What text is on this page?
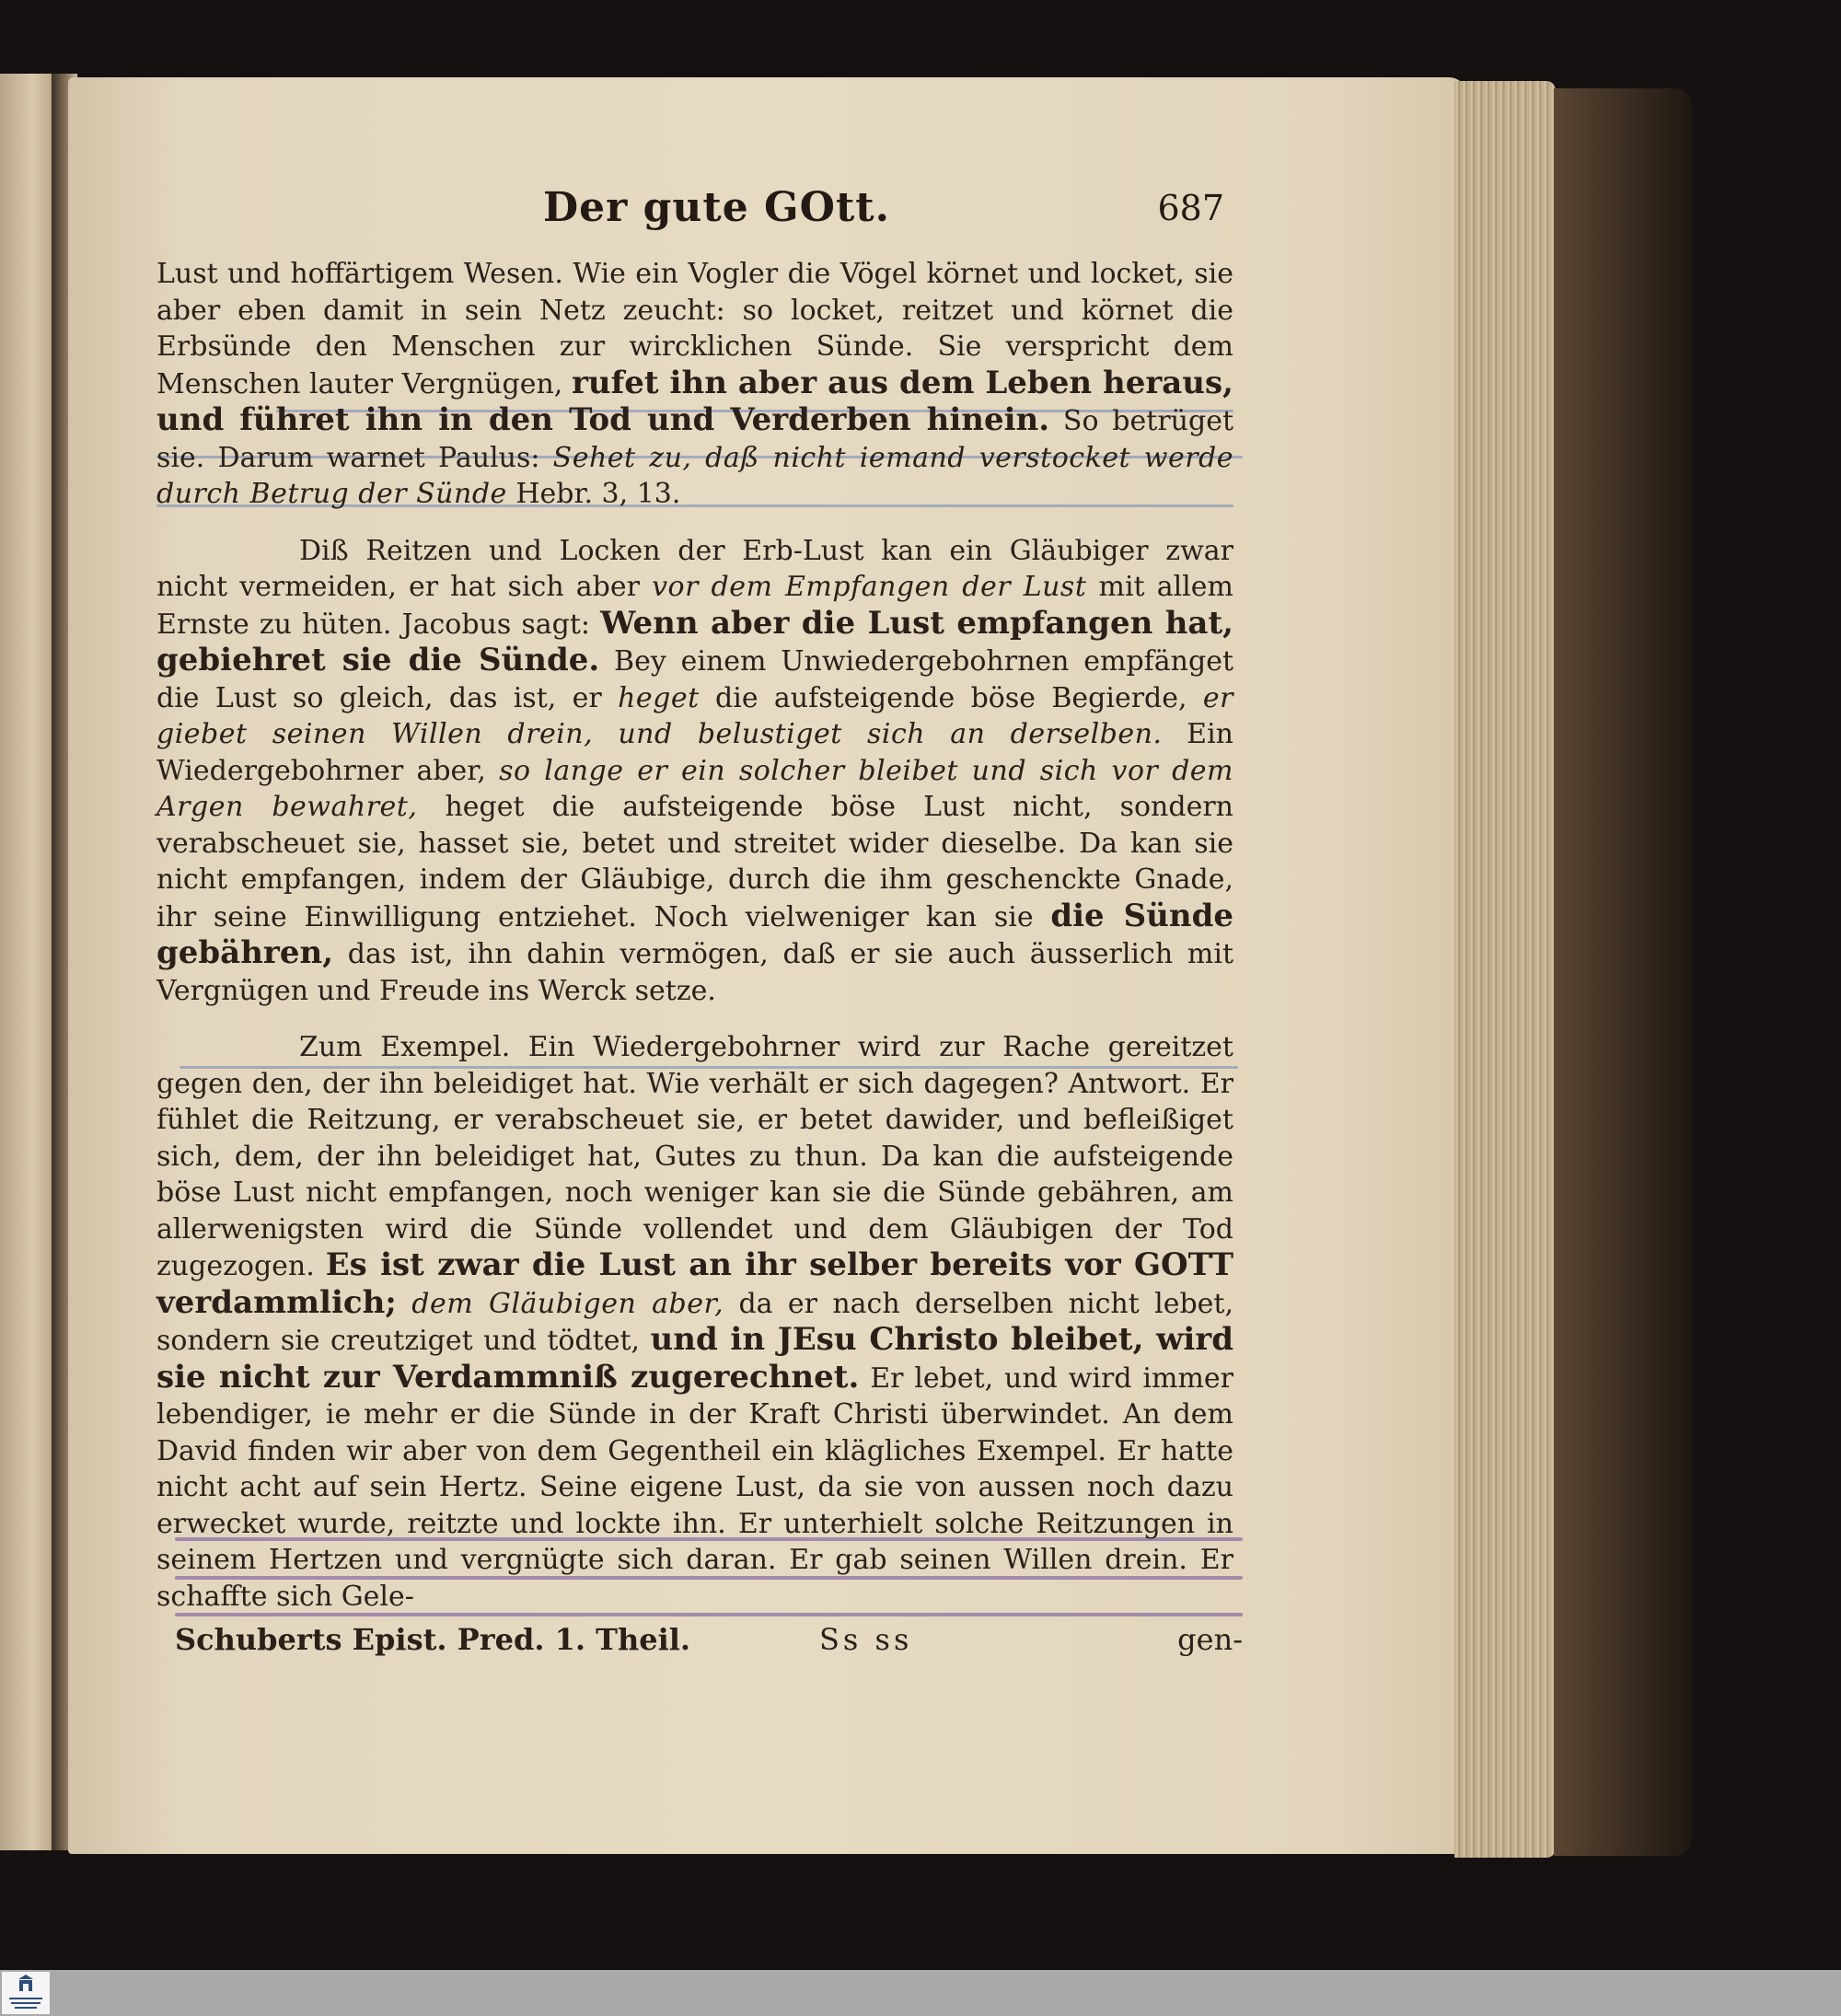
Der gute GOtt.	687

Lust und hoffärtigem Wesen. Wie ein Vogler die Vögel körnet und locket, sie aber eben damit in sein Netz zeucht: so locket, reitzet und körnet die Erbsünde den Menschen zur wircklichen Sünde. Sie verspricht dem Menschen lauter Vergnügen, rufet ihn aber aus dem Leben heraus, und führet ihn in den Tod und Verderben hinein. So betrüget sie. Darum warnet Paulus: Sehet zu, daß nicht iemand verstocket werde durch Betrug der Sünde Hebr. 3, 13.

Diß Reitzen und Locken der Erb-Lust kan ein Gläubiger zwar nicht vermeiden, er hat sich aber vor dem Empfangen der Lust mit allem Ernste zu hüten. Jacobus sagt: Wenn aber die Lust empfangen hat, gebiehret sie die Sünde. Bey einem Unwiedergebohrnen empfänget die Lust so gleich, das ist, er heget die aufsteigende böse Begierde, er giebet seinen Willen drein, und belustiget sich an derselben. Ein Wiedergebohrner aber, so lange er ein solcher bleibet und sich vor dem Argen bewahret, heget die aufsteigende böse Lust nicht, sondern verabscheuet sie, hasset sie, betet und streitet wider dieselbe. Da kan sie nicht empfangen, indem der Gläubige, durch die ihm geschenckte Gnade, ihr seine Einwilligung entziehet. Noch vielweniger kan sie die Sünde gebähren, das ist, ihn dahin vermögen, daß er sie auch äusserlich mit Vergnügen und Freude ins Werck setze.

Zum Exempel. Ein Wiedergebohrner wird zur Rache gereitzet gegen den, der ihn beleidiget hat. Wie verhält er sich dagegen? Antwort. Er fühlet die Reitzung, er verabscheuet sie, er betet dawider, und befleißiget sich, dem, der ihn beleidiget hat, Gutes zu thun. Da kan die aufsteigende böse Lust nicht empfangen, noch weniger kan sie die Sünde gebähren, am allerwenigsten wird die Sünde vollendet und dem Gläubigen der Tod zugezogen. Es ist zwar die Lust an ihr selber bereits vor GOTT verdammlich; dem Gläubigen aber, da er nach derselben nicht lebet, sondern sie creutziget und tödtet, und in JEsu Christo bleibet, wird sie nicht zur Verdammniß zugerechnet. Er lebet, und wird immer lebendiger, ie mehr er die Sünde in der Kraft Christi überwindet. An dem David finden wir aber von dem Gegentheil ein klägliches Exempel. Er hatte nicht acht auf sein Hertz. Seine eigene Lust, da sie von aussen noch dazu erwecket wurde, reitzte und lockte ihn. Er unterhielt solche Reitzungen in seinem Hertzen und vergnügte sich daran. Er gab seinen Willen drein. Er schaffte sich Gele-

Schuberts Epist. Pred. 1. Theil.	Ss ss	gen-
